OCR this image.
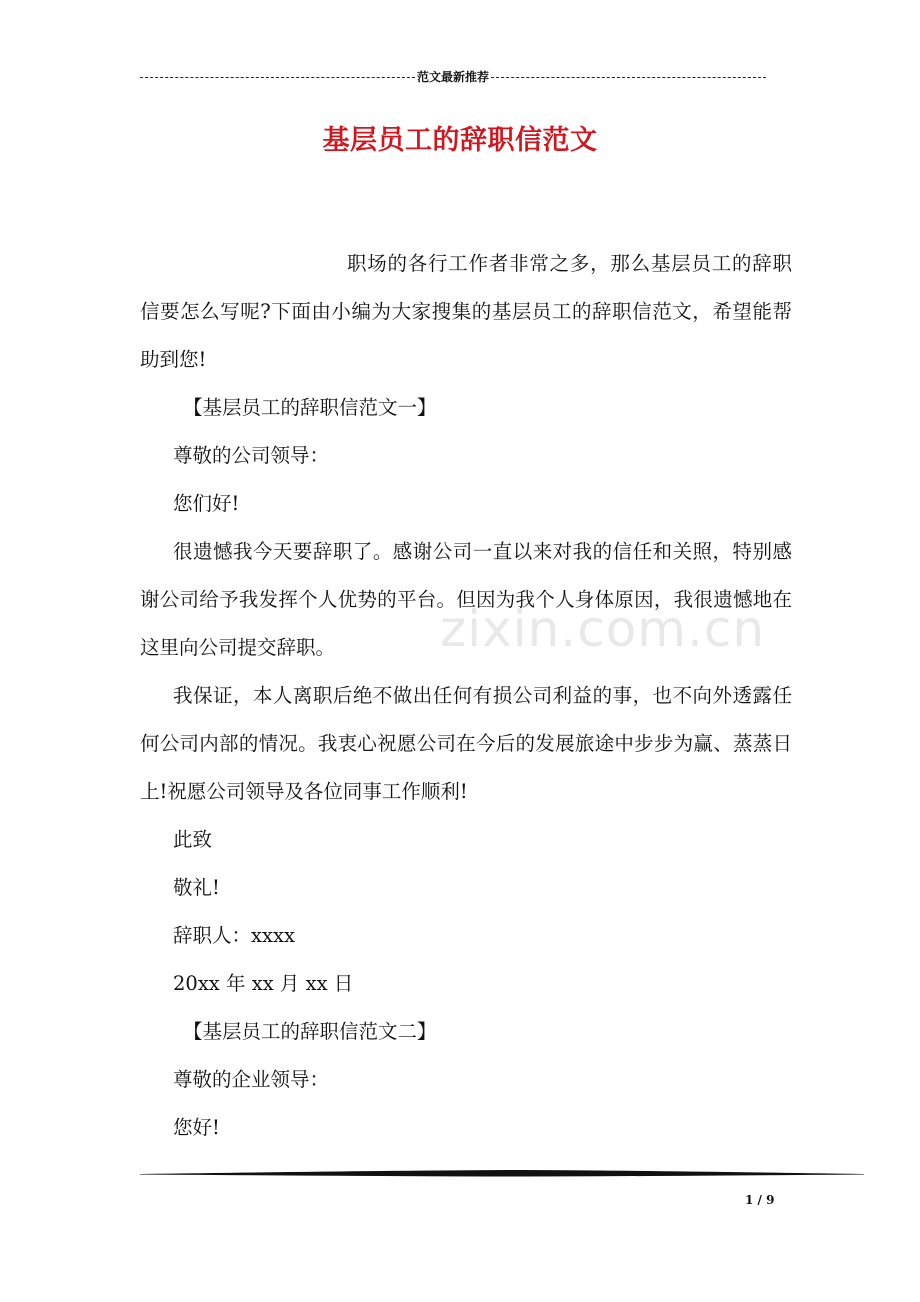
范文最新推荐
基层员工的辞职信范文
zixin.com.cn

职场的各行工作者非常之多，那么基层员工的辞职信要怎么写呢?下面由小编为大家搜集的基层员工的辞职信范文，希望能帮助到您!

【基层员工的辞职信范文一】

尊敬的公司领导：

您们好!

很遗憾我今天要辞职了。感谢公司一直以来对我的信任和关照，特别感谢公司给予我发挥个人优势的平台。但因为我个人身体原因，我很遗憾地在这里向公司提交辞职。

我保证，本人离职后绝不做出任何有损公司利益的事，也不向外透露任何公司内部的情况。我衷心祝愿公司在今后的发展旅途中步步为赢、蒸蒸日上!祝愿公司领导及各位同事工作顺利!

此致

敬礼!

辞职人：xxxx

20xx 年 xx 月 xx 日

【基层员工的辞职信范文二】

尊敬的企业领导：

您好!

1 / 9
